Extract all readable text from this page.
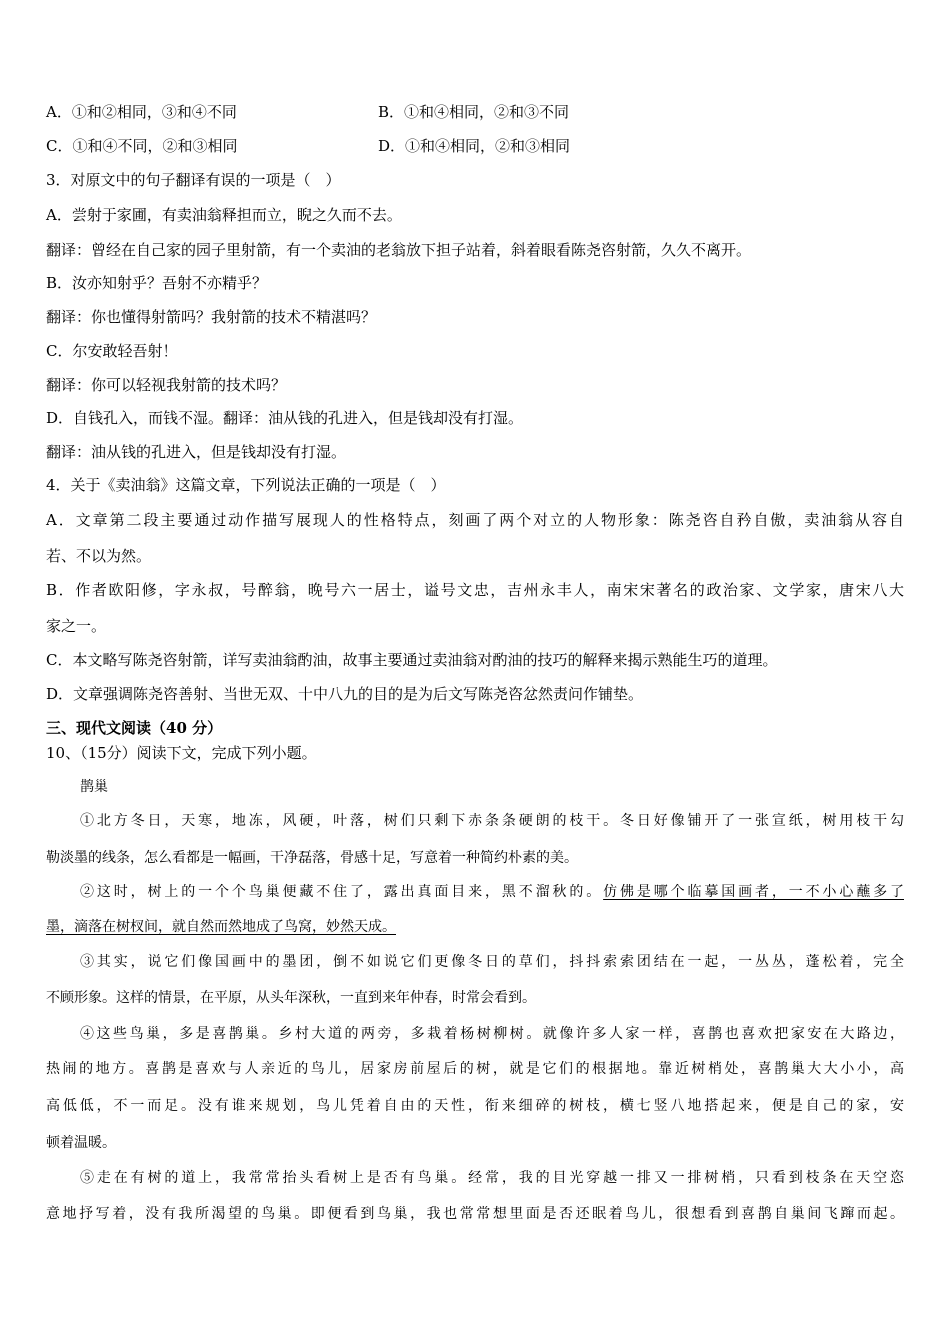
A．①和②相同，③和④不同	B．①和④相同，②和③不同
C．①和④不同，②和③相同	D．①和④相同，②和③相同
3．对原文中的句子翻译有误的一项是（　）
A．尝射于家圃，有卖油翁释担而立，睨之久而不去。
翻译：曾经在自己家的园子里射箭，有一个卖油的老翁放下担子站着，斜着眼看陈尧咨射箭，久久不离开。
B．汝亦知射乎？吾射不亦精乎？
翻译：你也懂得射箭吗？我射箭的技术不精湛吗？
C．尔安敢轻吾射！
翻译：你可以轻视我射箭的技术吗？
D．自钱孔入，而钱不湿。翻译：油从钱的孔进入，但是钱却没有打湿。
翻译：油从钱的孔进入，但是钱却没有打湿。
4．关于《卖油翁》这篇文章，下列说法正确的一项是（　）
A．文章第二段主要通过动作描写展现人的性格特点，刻画了两个对立的人物形象：陈尧咨自矜自傲，卖油翁从容自
若、不以为然。
B．作者欧阳修，字永叔，号醉翁，晚号六一居士，谥号文忠，吉州永丰人，南宋宋著名的政治家、文学家，唐宋八大
家之一。
C．本文略写陈尧咨射箭，详写卖油翁酌油，故事主要通过卖油翁对酌油的技巧的解释来揭示熟能生巧的道理。
D．文章强调陈尧咨善射、当世无双、十中八九的目的是为后文写陈尧咨忿然责问作铺垫。
三、现代文阅读（40 分）
10、（15分）阅读下文，完成下列小题。
鹊巢
①北方冬日，天寒，地冻，风硬，叶落，树们只剩下赤条条硬朗的枝干。冬日好像铺开了一张宣纸，树用枝干勾
勒淡墨的线条，怎么看都是一幅画，干净磊落，骨感十足，写意着一种简约朴素的美。
②这时，树上的一个个鸟巢便藏不住了，露出真面目来，黑不溜秋的。仿佛是哪个临摹国画者，一不小心蘸多了
墨，滴落在树杈间，就自然而然地成了鸟窝，妙然天成。
③其实，说它们像国画中的墨团，倒不如说它们更像冬日的草们，抖抖索索团结在一起，一丛丛，蓬松着，完全
不顾形象。这样的情景，在平原，从头年深秋，一直到来年仲春，时常会看到。
④这些鸟巢，多是喜鹊巢。乡村大道的两旁，多栽着杨树柳树。就像许多人家一样，喜鹊也喜欢把家安在大路边，
热闹的地方。喜鹊是喜欢与人亲近的鸟儿，居家房前屋后的树，就是它们的根据地。靠近树梢处，喜鹊巢大大小小，高
高低低，不一而足。没有谁来规划，鸟儿凭着自由的天性，衔来细碎的树枝，横七竖八地搭起来，便是自己的家，安
顿着温暖。
⑤走在有树的道上，我常常抬头看树上是否有鸟巢。经常，我的目光穿越一排又一排树梢，只看到枝条在天空恣
意地抒写着，没有我所渴望的鸟巢。即便看到鸟巢，我也常常想里面是否还眠着鸟儿，很想看到喜鹊自巢间飞蹿而起。
